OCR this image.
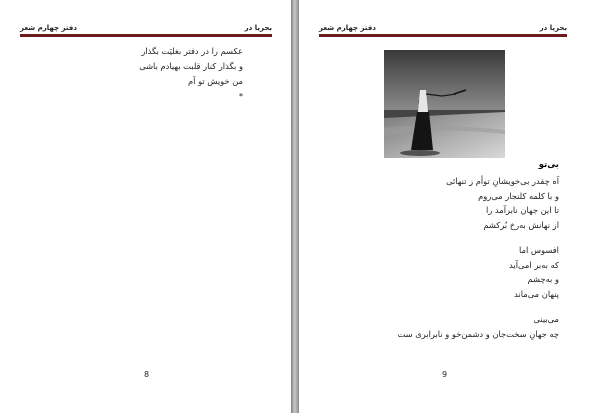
دفتر چهارم شعر	بحریا در
عکسم را در دفتر بغلیَت بگذار
و بگذار کنار قلبت بهیادم باشی
من خویش تو اَم
*
8
دفتر چهارم شعر	بحریا در
بی‌تو
آه چقدر بی‌خویشانِ توأم ز تنهائی
و با کلمه کلنجار می‌روم
تا این جهان نابرآمد را
از نهانش به‌رخ بُرکشم
افسوس اما
که به‌بر امی‌آید
و به‌چشم
پنهان می‌ماند
می‌بینی
چه جهانِ سخت‌جان و دشمن‌خو و نابرابری ست
9
